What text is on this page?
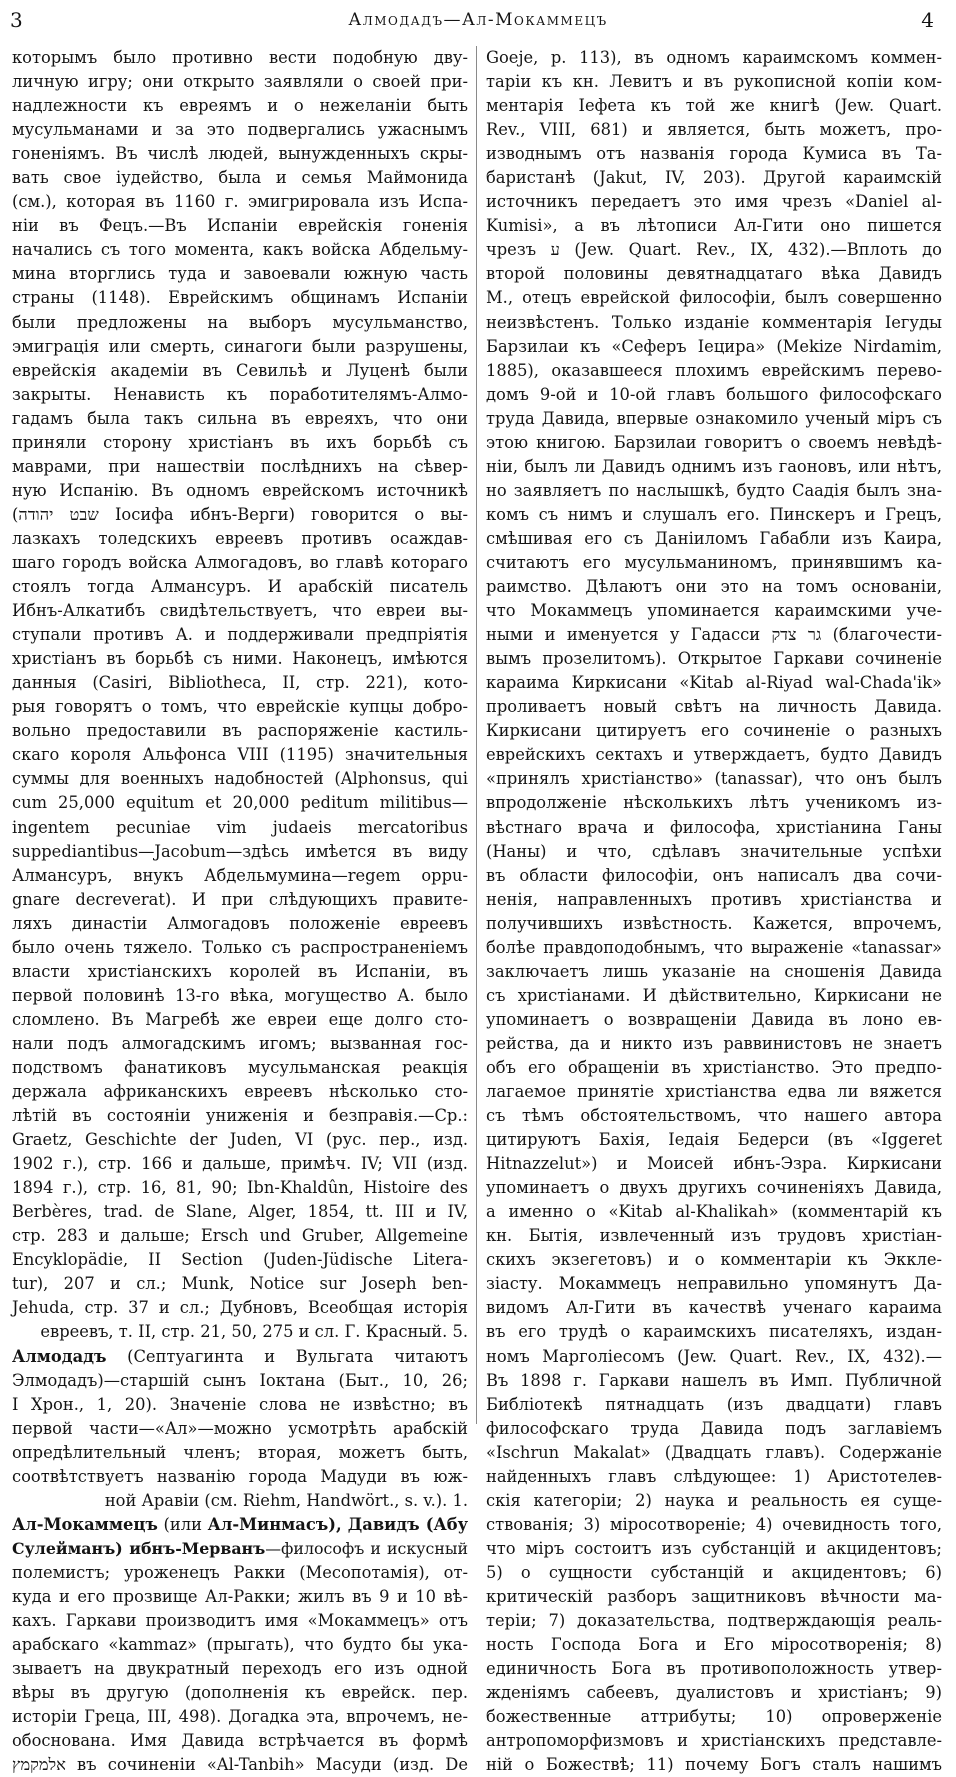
3	Алмодадъ—Ал-Мокаммецъ	4
которымъ было противно вести подобную дву-
личную игру; они открыто заявляли о своей при-
надлежности къ евреямъ и о нежеланіи быть
мусульманами и за это подвергались ужаснымъ
гоненіямъ. Въ числѣ людей, вынужденныхъ скры-
вать свое іудейство, была и семья Маймонида
(см.), которая въ 1160 г. эмигрировала изъ Испа-
ніи въ Фецъ.—Въ Испаніи еврейскія гоненія
начались съ того момента, какъ войска Абдельму-
мина вторглись туда и завоевали южную часть
страны (1148). Еврейскимъ общинамъ Испаніи
были предложены на выборъ мусульманство,
эмиграція или смерть, синагоги были разрушены,
еврейскія академіи въ Севильѣ и Луценѣ были
закрыты. Ненависть къ поработителямъ-Алмо-
гадамъ была такъ сильна въ евреяхъ, что они
приняли сторону христіанъ въ ихъ борьбѣ съ
маврами, при нашествіи послѣднихъ на сѣвер-
ную Испанію. Въ одномъ еврейскомъ источникѣ
(שבט יהודה Іосифа ибнъ-Верги) говорится о вы-
лазкахъ толедскихъ евреевъ противъ осаждав-
шаго городъ войска Алмогадовъ, во главѣ котораго
стоялъ тогда Алмансуръ. И арабскій писатель
Ибнъ-Алкатибъ свидѣтельствуетъ, что евреи вы-
ступали противъ А. и поддерживали предпріятія
христіанъ въ борьбѣ съ ними. Наконецъ, имѣются
данныя (Casiri, Bibliotheca, II, стр. 221), кото-
рыя говорятъ о томъ, что еврейскіе купцы добро-
вольно предоставили въ распоряженіе кастиль-
скаго короля Альфонса VIII (1195) значительныя
суммы для военныхъ надобностей (Alphonsus, qui
cum 25,000 equitum et 20,000 peditum militibus—
ingentem pecuniae vim judaeis mercatoribus
suppediantibus—Jacobum—здѣсь имѣется въ виду
Алмансуръ, внукъ Абдельмумина—regem oppu-
gnare decreverat). И при слѣдующихъ правите-
ляхъ династіи Алмогадовъ положеніе евреевъ
было очень тяжело. Только съ распространеніемъ
власти христіанскихъ королей въ Испаніи, въ
первой половинѣ 13-го вѣка, могущество А. было
сломлено. Въ Магребѣ же евреи еще долго сто-
нали подъ алмогадскимъ игомъ; вызванная гос-
подствомъ фанатиковъ мусульманская реакція
держала африканскихъ евреевъ нѣсколько сто-
лѣтій въ состояніи униженія и безправія.—Ср.:
Graetz, Geschichte der Juden, VI (рус. пер., изд.
1902 г.), стр. 166 и дальше, примѣч. IV; VII (изд.
1894 г.), стр. 16, 81, 90; Ibn-Khaldûn, Histoire des
Berbères, trad. de Slane, Alger, 1854, tt. III и IV,
стр. 283 и дальше; Ersch und Gruber, Allgemeine
Encyklopädie, II Section (Juden-Jüdische Litera-
tur), 207 и сл.; Munk, Notice sur Joseph ben-
Jehuda, стр. 37 и сл.; Дубновъ, Всеобщая исторія
евреевъ, т. II, стр. 21, 50, 275 и сл. Г. Красный. 5.
Алмодадъ (Септуагинта и Вульгата читаютъ
Элмодадъ)—старшій сынъ Іоктана (Быт., 10, 26;
I Хрон., 1, 20). Значеніе слова не извѣстно; въ
первой части—«Ал»—можно усмотрѣть арабскій
опредѣлительный членъ; вторая, можетъ быть,
соотвѣтствуетъ названію города Мадуди въ юж-
ной Аравіи (см. Riehm, Handwört., s. v.). 1.
Ал-Мокаммецъ (или Ал-Минмасъ), Давидъ (Абу
Сулейманъ) ибнъ-Мерванъ—философъ и искусный
полемистъ; уроженецъ Ракки (Месопотамія), от-
куда и его прозвище Ал-Ракки; жилъ въ 9 и 10 вѣ-
кахъ. Гаркави производитъ имя «Мокаммецъ» отъ
арабскаго «kammaz» (прыгать), что будто бы ука-
зываетъ на двукратный переходъ его изъ одной
вѣры въ другую (дополненія къ еврейск. пер.
исторіи Греца, III, 498). Догадка эта, впрочемъ, не-
обоснована. Имя Давида встрѣчается въ формѣ
אלמקמץ въ сочиненіи «Al-Tanbih» Масуди (изд. De
Goeje, p. 113), въ одномъ караимскомъ коммен-
таріи къ кн. Левитъ и въ рукописной копіи ком-
ментарія Іефета къ той же книгѣ (Jew. Quart.
Rev., VIII, 681) и является, быть можетъ, про-
изводнымъ отъ названія города Кумиса въ Та-
баристанѣ (Jakut, IV, 203). Другой караимскій
источникъ передаетъ это имя чрезъ «Daniel al-
Kumisi», а въ лѣтописи Ал-Гити оно пишется
чрезъ ע (Jew. Quart. Rev., IX, 432).—Вплоть до
второй половины девятнадцатаго вѣка Давидъ
М., отецъ еврейской философіи, былъ совершенно
неизвѣстенъ. Только изданіе комментарія Іегуды
Барзилаи къ «Сеферъ Іецира» (Mekize Nirdamim,
1885), оказавшееся плохимъ еврейскимъ перево-
домъ 9-ой и 10-ой главъ большого философскаго
труда Давида, впервые ознакомило ученый міръ съ
этою книгою. Барзилаи говоритъ о своемъ невѣдѣ-
ніи, былъ ли Давидъ однимъ изъ гаоновъ, или нѣтъ,
но заявляетъ по наслышкѣ, будто Саадія былъ зна-
комъ съ нимъ и слушалъ его. Пинскеръ и Грецъ,
смѣшивая его съ Даніиломъ Габабли изъ Каира,
считаютъ его мусульманиномъ, принявшимъ ка-
раимство. Дѣлаютъ они это на томъ основаніи,
что Мокаммецъ упоминается караимскими уче-
ными и именуется у Гадасси גר צדק (благочести-
вымъ прозелитомъ). Открытое Гаркави сочиненіе
караима Киркисани «Kitab al-Riyad wal-Chada'ik»
проливаетъ новый свѣтъ на личность Давида.
Киркисани цитируетъ его сочиненіе о разныхъ
еврейскихъ сектахъ и утверждаетъ, будто Давидъ
«принялъ христіанство» (tanassar), что онъ былъ
впродолженіе нѣсколькихъ лѣтъ ученикомъ из-
вѣстнаго врача и философа, христіанина Ганы
(Наны) и что, сдѣлавъ значительные успѣхи
въ области философіи, онъ написалъ два сочи-
ненія, направленныхъ противъ христіанства и
получившихъ извѣстность. Кажется, впрочемъ,
болѣе правдоподобнымъ, что выраженіе «tanassar»
заключаетъ лишь указаніе на сношенія Давида
съ христіанами. И дѣйствительно, Киркисани не
упоминаетъ о возвращеніи Давида въ лоно ев-
рейства, да и никто изъ раввинистовъ не знаетъ
объ его обращеніи въ христіанство. Это предпо-
лагаемое принятіе христіанства едва ли вяжется
съ тѣмъ обстоятельствомъ, что нашего автора
цитируютъ Бахія, Іедаія Бедерси (въ «Iggeret
Hitnazzelut») и Моисей ибнъ-Эзра. Киркисани
упоминаетъ о двухъ другихъ сочиненіяхъ Давида,
а именно о «Kitab al-Khalikah» (комментарій къ
кн. Бытія, извлеченный изъ трудовъ христіан-
скихъ экзегетовъ) и о комментаріи къ Эккле-
зіасту. Мокаммецъ неправильно упомянутъ Да-
видомъ Ал-Гити въ качествѣ ученаго караима
въ его трудѣ о караимскихъ писателяхъ, издан-
номъ Марголіесомъ (Jew. Quart. Rev., IX, 432).—
Въ 1898 г. Гаркави нашелъ въ Имп. Публичной
Библіотекѣ пятнадцать (изъ двадцати) главъ
философскаго труда Давида подъ заглавіемъ
«Ischrun Makalat» (Двадцать главъ). Содержаніе
найденныхъ главъ слѣдующее: 1) Аристотелев-
скія категоріи; 2) наука и реальность ея суще-
ствованія; 3) міросотвореніе; 4) очевидность того,
что міръ состоитъ изъ субстанцій и акцидентовъ;
5) о сущности субстанцій и акцидентовъ; 6)
критическій разборъ защитниковъ вѣчности ма-
теріи; 7) доказательства, подтверждающія реаль-
ность Господа Бога и Его міросотворенія; 8)
единичность Бога въ противоположность утвер-
жденіямъ сабеевъ, дуалистовъ и христіанъ; 9)
божественные аттрибуты; 10) опроверженіе
антропоморфизмовъ и христіанскихъ представле-
ній о Божествѣ; 11) почему Богъ сталъ нашимъ
